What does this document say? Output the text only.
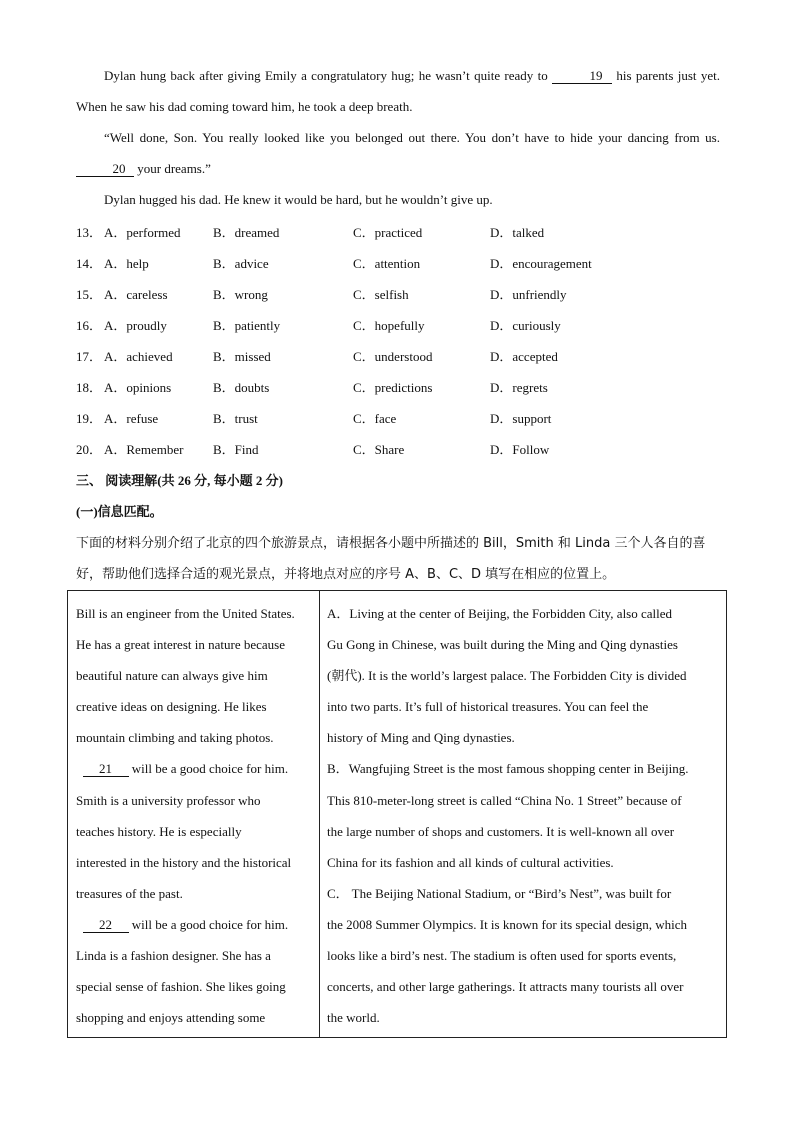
Dylan hung back after giving Emily a congratulatory hug; he wasn’t quite ready to	19 his parents just yet. When he saw his dad coming toward him, he took a deep breath.

“Well done, Son. You really looked like you belonged out there. You don’t have to hide your dancing from us. 20 your dreams.”

Dylan hugged his dad. He knew it would be hard, but he wouldn’t give up.

13． A．performed B．dreamed	C．practiced	D．talked
14． A．help	B．advice	C．attention	D．encouragement
15． A．careless	B．wrong	C．selfish	D．unfriendly
16． A．proudly	B．patiently	C．hopefully	D．curiously
17． A．achieved	B．missed	C．understood	D．accepted
18． A．opinions	B．doubts	C．predictions	D．regrets
19． A．refuse	B．trust	C．face	D．support
20． A．Remember B．Find	C．Share	D．Follow
三、 阅读理解(共 26 分, 每小题 2 分)
(一)信息匹配。
下面的材料分别介绍了北京的四个旅游景点，请根据各小题中所描述的 Bill，Smith 和 Linda 三个人各自的喜好，帮助他们选择合适的观光景点，并将地点对应的序号 A、B、C、D 填写在相应的位置上。
Bill is an engineer from the United States.
He has a great interest in nature because
beautiful nature can always give him
creative ideas on designing. He likes
mountain climbing and taking photos.
21 will be a good choice for him.
Smith is a university professor who
teaches history. He is especially
interested in the history and the historical
treasures of the past.
22 will be a good choice for him.
Linda is a fashion designer. She has a
special sense of fashion. She likes going
shopping and enjoys attending some
A．Living at the center of Beijing, the Forbidden City, also called
Gu Gong in Chinese, was built during the Ming and Qing dynasties
(朝代). It is the world’s largest palace. The Forbidden City is divided
into two parts. It’s full of historical treasures. You can feel the
history of Ming and Qing dynasties.
B．Wangfujing Street is the most famous shopping center in Beijing.
This 810-meter-long street is called “China No. 1 Street” because of
the large number of shops and customers. It is well-known all over
China for its fashion and all kinds of cultural activities.
C． The Beijing National Stadium, or “Bird’s Nest”, was built for
the 2008 Summer Olympics. It is known for its special design, which
looks like a bird’s nest. The stadium is often used for sports events,
concerts, and other large gatherings. It attracts many tourists all over
the world.
